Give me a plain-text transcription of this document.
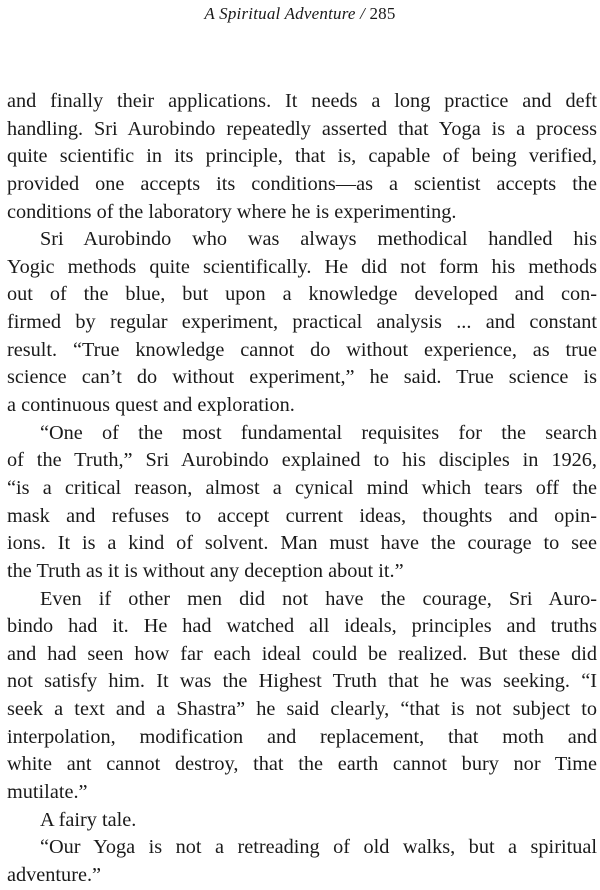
A Spiritual Adventure / 285
and finally their applications. It needs a long practice and deft
handling. Sri Aurobindo repeatedly asserted that Yoga is a process
quite scientific in its principle, that is, capable of being verified,
provided one accepts its conditions—as a scientist accepts the
conditions of the laboratory where he is experimenting.
Sri Aurobindo who was always methodical handled his
Yogic methods quite scientifically. He did not form his methods
out of the blue, but upon a knowledge developed and con-
firmed by regular experiment, practical analysis ... and constant
result. “True knowledge cannot do without experience, as true
science can’t do without experiment,” he said. True science is
a continuous quest and exploration.
“One of the most fundamental requisites for the search
of the Truth,” Sri Aurobindo explained to his disciples in 1926,
“is a critical reason, almost a cynical mind which tears off the
mask and refuses to accept current ideas, thoughts and opin-
ions. It is a kind of solvent. Man must have the courage to see
the Truth as it is without any deception about it.”
Even if other men did not have the courage, Sri Auro-
bindo had it. He had watched all ideals, principles and truths
and had seen how far each ideal could be realized. But these did
not satisfy him. It was the Highest Truth that he was seeking. “I
seek a text and a Shastra” he said clearly, “that is not subject to
interpolation, modification and replacement, that moth and
white ant cannot destroy, that the earth cannot bury nor Time
mutilate.”
A fairy tale.
“Our Yoga is not a retreading of old walks, but a spiritual
adventure.”
